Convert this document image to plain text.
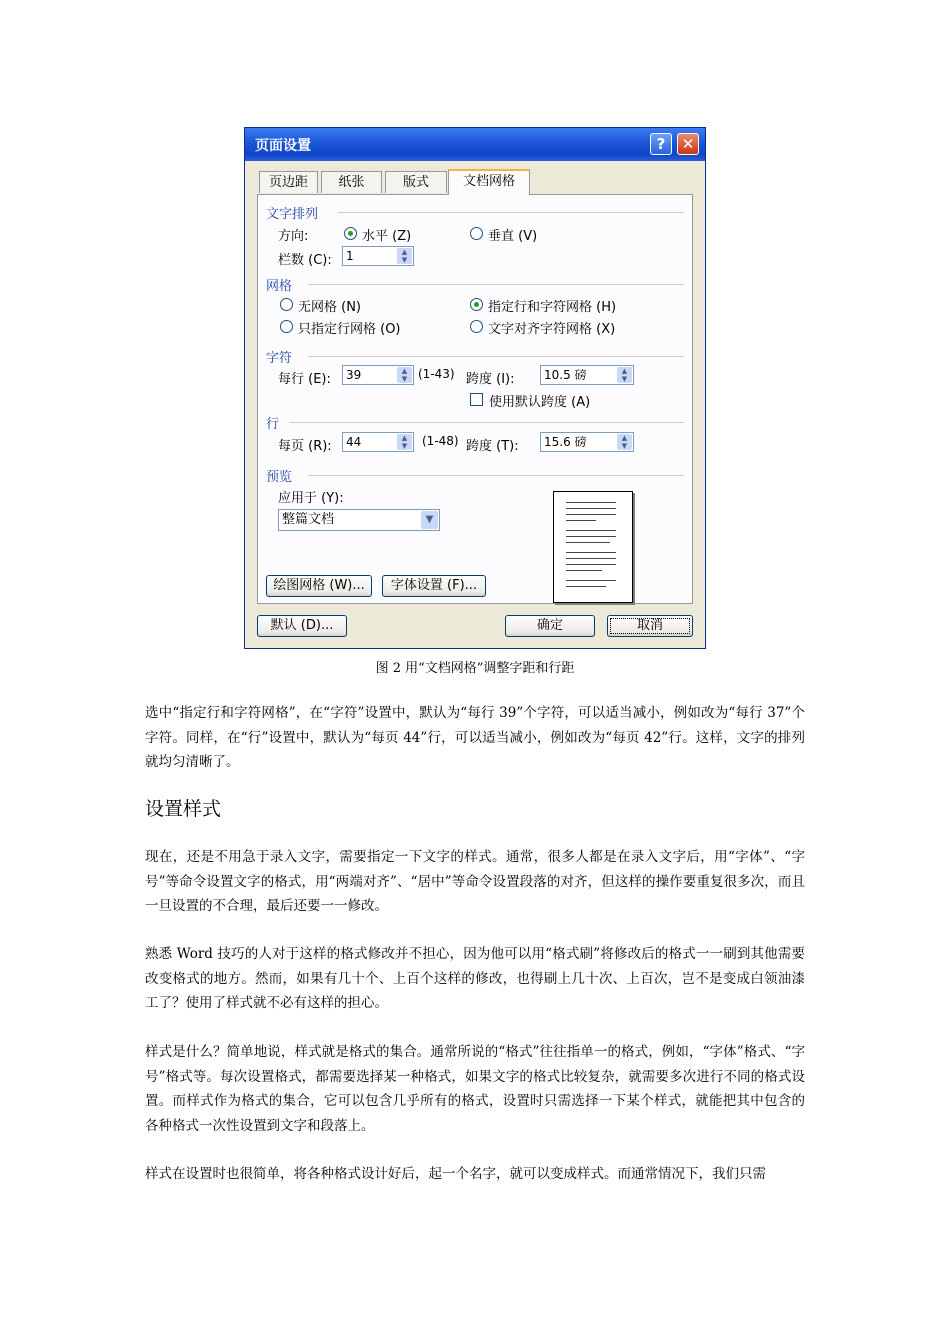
页面设置	?	✕
页边距	纸张	版式	文档网格
文字排列
方向:	水平 (Z)	垂直 (V)
栏数 (C):	1	▲
▼
网格
无网格 (N)	指定行和字符网格 (H)
只指定行网格 (O)	文字对齐字符网格 (X)
字符
每行 (E):	39	▲
▼ (1-43) 跨度 (I):	10.5 磅	▲
▼
使用默认跨度 (A)
行
每页 (R):	44	▲
▼	(1-48) 跨度 (T):	15.6 磅	▲
▼
预览
应用于 (Y):
整篇文档	▼
绘图网格 (W)...	字体设置 (F)...
默认 (D)...	确定	取消
图 2 用“文档网格”调整字距和行距
选中“指定行和字符网格”，在“字符”设置中，默认为“每行 39”个字符，可以适当减小，例如改为“每行 37”个字符。同样，在“行”设置中，默认为“每页 44”行，可以适当减小，例如改为“每页 42”行。这样，文字的排列就均匀清晰了。
设置样式
现在，还是不用急于录入文字，需要指定一下文字的样式。通常，很多人都是在录入文字后，用“字体”、“字号”等命令设置文字的格式，用“两端对齐”、“居中”等命令设置段落的对齐，但这样的操作要重复很多次，而且一旦设置的不合理，最后还要一一修改。
熟悉 Word 技巧的人对于这样的格式修改并不担心，因为他可以用“格式刷”将修改后的格式一一刷到其他需要改变格式的地方。然而，如果有几十个、上百个这样的修改，也得刷上几十次、上百次，岂不是变成白领油漆工了？使用了样式就不必有这样的担心。
样式是什么？简单地说，样式就是格式的集合。通常所说的“格式”往往指单一的格式，例如，“字体”格式、“字号”格式等。每次设置格式，都需要选择某一种格式，如果文字的格式比较复杂，就需要多次进行不同的格式设置。而样式作为格式的集合，它可以包含几乎所有的格式，设置时只需选择一下某个样式，就能把其中包含的各种格式一次性设置到文字和段落上。
样式在设置时也很简单，将各种格式设计好后，起一个名字，就可以变成样式。而通常情况下，我们只需
